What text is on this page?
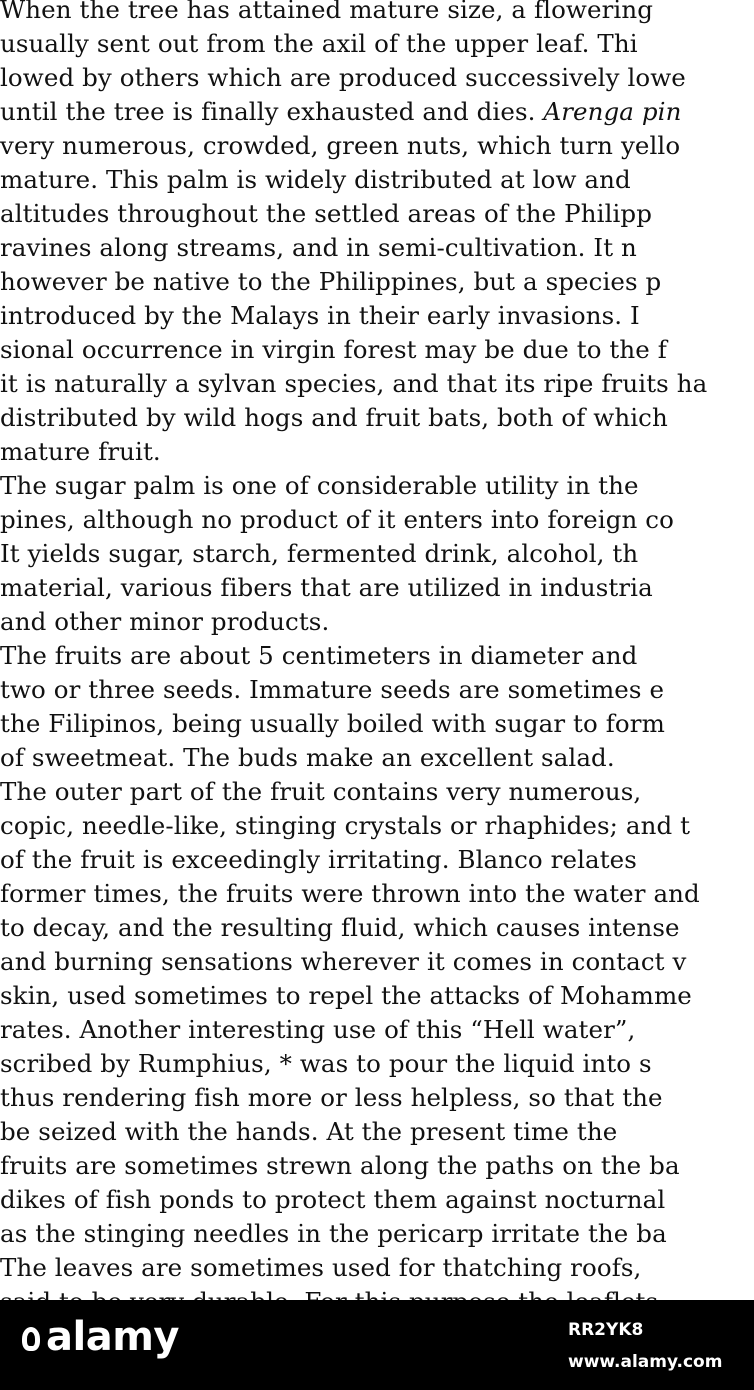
When the tree has attained mature size, a flowering
usually sent out from the axil of the upper leaf. Thi
lowed by others which are produced successively lowe
until the tree is finally exhausted and dies. Arenga pin
very numerous, crowded, green nuts, which turn yello
mature. This palm is widely distributed at low and
altitudes throughout the settled areas of the Philipp
ravines along streams, and in semi-cultivation. It n
however be native to the Philippines, but a species p
introduced by the Malays in their early invasions. I
sional occurrence in virgin forest may be due to the f
it is naturally a sylvan species, and that its ripe fruits ha
distributed by wild hogs and fruit bats, both of which
mature fruit.
The sugar palm is one of considerable utility in the
pines, although no product of it enters into foreign co
It yields sugar, starch, fermented drink, alcohol, th
material, various fibers that are utilized in industria
and other minor products.
The fruits are about 5 centimeters in diameter and
two or three seeds. Immature seeds are sometimes e
the Filipinos, being usually boiled with sugar to form
of sweetmeat. The buds make an excellent salad.
The outer part of the fruit contains very numerous,
copic, needle-like, stinging crystals or rhaphides; and t
of the fruit is exceedingly irritating. Blanco relates
former times, the fruits were thrown into the water and
to decay, and the resulting fluid, which causes intense
and burning sensations wherever it comes in contact v
skin, used sometimes to repel the attacks of Mohamme
rates. Another interesting use of this “Hell water”,
scribed by Rumphius, * was to pour the liquid into s
thus rendering fish more or less helpless, so that the
be seized with the hands. At the present time the
fruits are sometimes strewn along the paths on the ba
dikes of fish ponds to protect them against nocturnal
as the stinging needles in the pericarp irritate the ba
The leaves are sometimes used for thatching roofs,
alamy	RR2YK8
www.alamy.com
